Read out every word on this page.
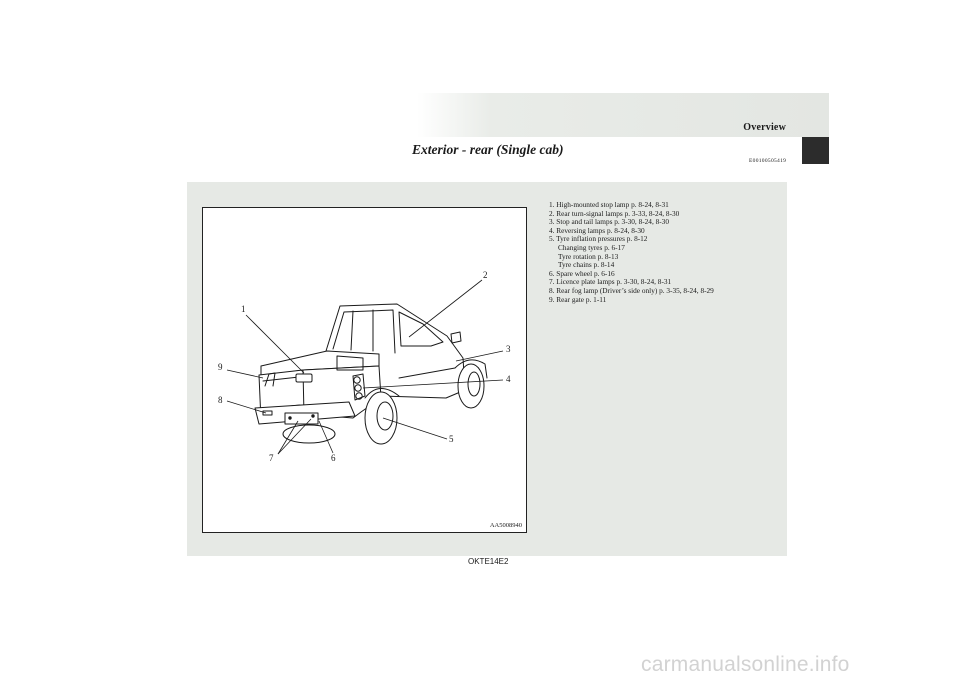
Overview
Exterior - rear (Single cab)
E00100505419
1
2
3
4
5
6
7
8
9
AA5008940
1. High-mounted stop lamp p. 8-24, 8-31
2. Rear turn-signal lamps p. 3-33, 8-24, 8-30
3. Stop and tail lamps p. 3-30, 8-24, 8-30
4. Reversing lamps p. 8-24, 8-30
5. Tyre inflation pressures p. 8-12
Changing tyres p. 6-17
Tyre rotation p. 8-13
Tyre chains p. 8-14
6. Spare wheel p. 6-16
7. Licence plate lamps p. 3-30, 8-24, 8-31
8. Rear fog lamp (Driver’s side only) p. 3-35, 8-24, 8-29
9. Rear gate p. 1-11
OKTE14E2
carmanualsonline.info
